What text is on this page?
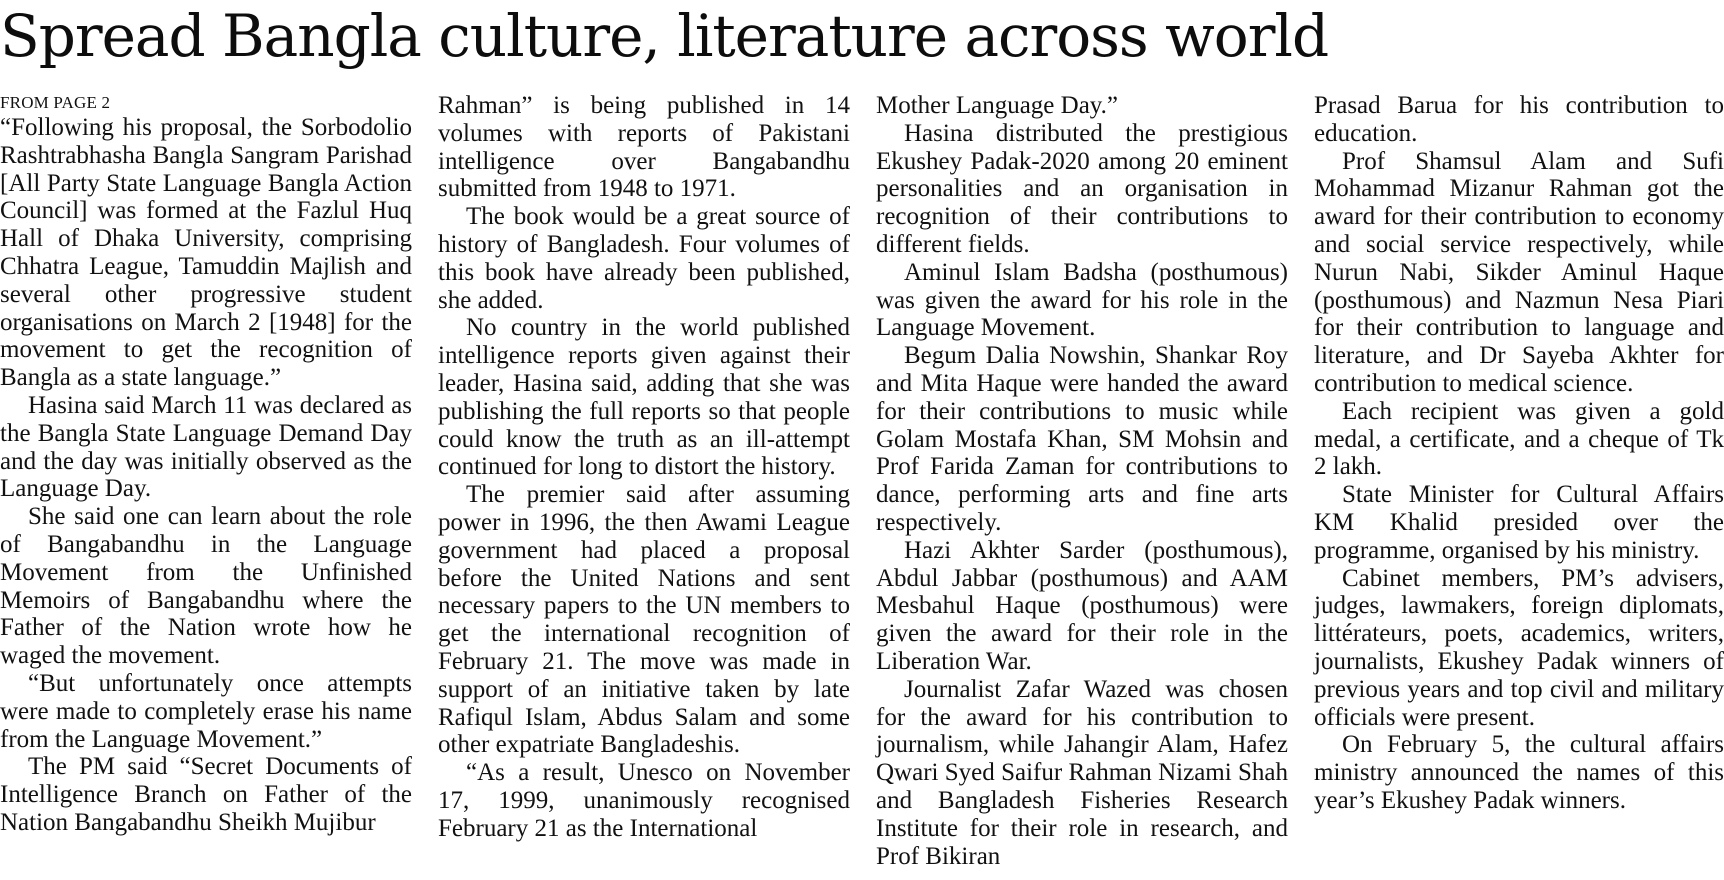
Spread Bangla culture, literature across world
FROM PAGE 2

“Following his proposal, the Sorbodolio Rashtrabhasha Bangla Sangram Parishad [All Party State Language Bangla Action Council] was formed at the Fazlul Huq Hall of Dhaka University, comprising Chhatra League, Tamuddin Majlish and several other progressive student organisations on March 2 [1948] for the movement to get the recognition of Bangla as a state language.”

Hasina said March 11 was declared as the Bangla State Language Demand Day and the day was initially observed as the Language Day.

She said one can learn about the role of Bangabandhu in the Language Movement from the Unfinished Memoirs of Bangabandhu where the Father of the Nation wrote how he waged the movement.

“But unfortunately once attempts were made to completely erase his name from the Language Movement.”

The PM said “Secret Documents of Intelligence Branch on Father of the Nation Bangabandhu Sheikh Mujibur

Rahman” is being published in 14 volumes with reports of Pakistani intelligence over Bangabandhu submitted from 1948 to 1971.

The book would be a great source of history of Bangladesh. Four volumes of this book have already been published, she added.

No country in the world published intelligence reports given against their leader, Hasina said, adding that she was publishing the full reports so that people could know the truth as an ill-attempt continued for long to distort the history.

The premier said after assuming power in 1996, the then Awami League government had placed a proposal before the United Nations and sent necessary papers to the UN members to get the international recognition of February 21. The move was made in support of an initiative taken by late Rafiqul Islam, Abdus Salam and some other expatriate Bangladeshis.

“As a result, Unesco on November 17, 1999, unanimously recognised February 21 as the International

Mother Language Day.”

Hasina distributed the prestigious Ekushey Padak-2020 among 20 eminent personalities and an organisation in recognition of their contributions to different fields.

Aminul Islam Badsha (posthumous) was given the award for his role in the Language Movement.

Begum Dalia Nowshin, Shankar Roy and Mita Haque were handed the award for their contributions to music while Golam Mostafa Khan, SM Mohsin and Prof Farida Zaman for contributions to dance, performing arts and fine arts respectively.

Hazi Akhter Sarder (posthumous), Abdul Jabbar (posthumous) and AAM Mesbahul Haque (posthumous) were given the award for their role in the Liberation War.

Journalist Zafar Wazed was chosen for the award for his contribution to journalism, while Jahangir Alam, Hafez Qwari Syed Saifur Rahman Nizami Shah and Bangladesh Fisheries Research Institute for their role in research, and Prof Bikiran

Prasad Barua for his contribution to education.

Prof Shamsul Alam and Sufi Mohammad Mizanur Rahman got the award for their contribution to economy and social service respectively, while Nurun Nabi, Sikder Aminul Haque (posthumous) and Nazmun Nesa Piari for their contribution to language and literature, and Dr Sayeba Akhter for contribution to medical science.

Each recipient was given a gold medal, a certificate, and a cheque of Tk 2 lakh.

State Minister for Cultural Affairs KM Khalid presided over the programme, organised by his ministry.

Cabinet members, PM’s advisers, judges, lawmakers, foreign diplomats, littérateurs, poets, academics, writers, journalists, Ekushey Padak winners of previous years and top civil and military officials were present.

On February 5, the cultural affairs ministry announced the names of this year’s Ekushey Padak winners.
